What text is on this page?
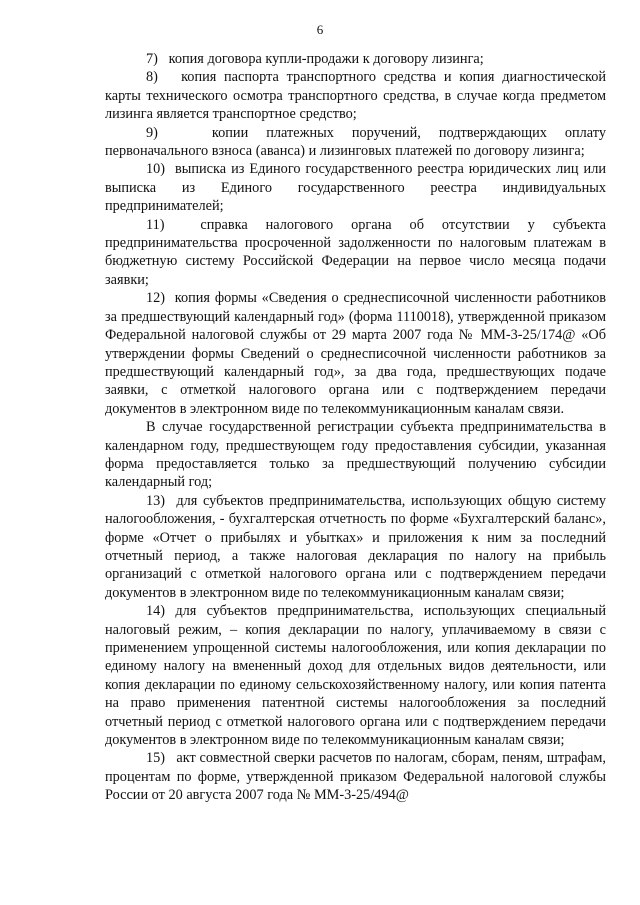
6

7)   копия договора купли-продажи к договору лизинга;

8)   копия паспорта транспортного средства и копия диагностической карты технического осмотра транспортного средства, в случае когда предметом лизинга является транспортное средство;

9)   копии платежных поручений, подтверждающих оплату первоначального взноса (аванса) и лизинговых платежей по договору лизинга;

10)  выписка из Единого государственного реестра юридических лиц или выписка из Единого государственного реестра индивидуальных предпринимателей;

11)  справка налогового органа об отсутствии у субъекта предпринимательства просроченной задолженности по налоговым платежам в бюджетную систему Российской Федерации на первое число месяца подачи заявки;

12)  копия формы «Сведения о среднесписочной численности работников за предшествующий календарный год» (форма 1110018), утвержденной приказом Федеральной налоговой службы от 29 марта 2007 года № ММ-3-25/174@ «Об утверждении формы Сведений о среднесписочной численности работников за предшествующий календарный год», за два года, предшествующих подаче заявки, с отметкой налогового органа или с подтверждением передачи документов в электронном виде по телекоммуникационным каналам связи.

В случае государственной регистрации субъекта предпринимательства в календарном году, предшествующем году предоставления субсидии, указанная форма предоставляется только за предшествующий получению субсидии календарный год;

13)  для субъектов предпринимательства, использующих общую систему налогообложения, - бухгалтерская отчетность по форме «Бухгалтерский баланс», форме «Отчет о прибылях и убытках» и приложения к ним за последний отчетный период, а также налоговая декларация по налогу на прибыль организаций с отметкой налогового органа или с подтверждением передачи документов в электронном виде по телекоммуникационным каналам связи;

14) для субъектов предпринимательства, использующих специальный налоговый режим, – копия декларации по налогу, уплачиваемому в связи с применением упрощенной системы налогообложения, или копия декларации по единому налогу на вмененный доход для отдельных видов деятельности, или копия декларации по единому сельскохозяйственному налогу, или копия патента на право применения патентной системы налогообложения за последний отчетный период с отметкой налогового органа или с подтверждением передачи документов в электронном виде по телекоммуникационным каналам связи;

15)   акт совместной сверки расчетов по налогам, сборам, пеням, штрафам, процентам по форме, утвержденной приказом Федеральной налоговой службы России от 20 августа 2007 года № ММ-3-25/494@
